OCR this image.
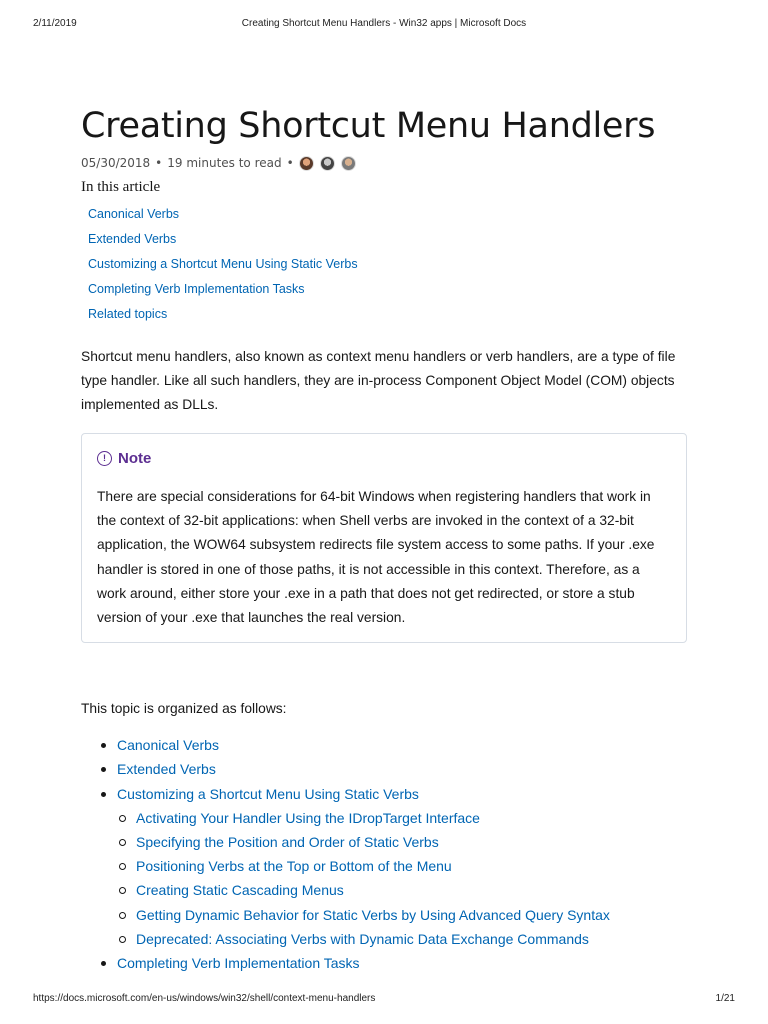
2/11/2019	Creating Shortcut Menu Handlers - Win32 apps | Microsoft Docs
Creating Shortcut Menu Handlers
05/30/2018 • 19 minutes to read •
In this article
Canonical Verbs
Extended Verbs
Customizing a Shortcut Menu Using Static Verbs
Completing Verb Implementation Tasks
Related topics

Shortcut menu handlers, also known as context menu handlers or verb handlers, are a type of file type handler. Like all such handlers, they are in-process Component Object Model (COM) objects implemented as DLLs.

! Note

There are special considerations for 64-bit Windows when registering handlers that work in the context of 32-bit applications: when Shell verbs are invoked in the context of a 32-bit application, the WOW64 subsystem redirects file system access to some paths. If your .exe handler is stored in one of those paths, it is not accessible in this context. Therefore, as a work around, either store your .exe in a path that does not get redirected, or store a stub version of your .exe that launches the real version.

This topic is organized as follows:

Canonical Verbs
Extended Verbs
Customizing a Shortcut Menu Using Static Verbs
Activating Your Handler Using the IDropTarget Interface
Specifying the Position and Order of Static Verbs
Positioning Verbs at the Top or Bottom of the Menu
Creating Static Cascading Menus
Getting Dynamic Behavior for Static Verbs by Using Advanced Query Syntax
Deprecated: Associating Verbs with Dynamic Data Exchange Commands
Completing Verb Implementation Tasks
https://docs.microsoft.com/en-us/windows/win32/shell/context-menu-handlers	1/21
